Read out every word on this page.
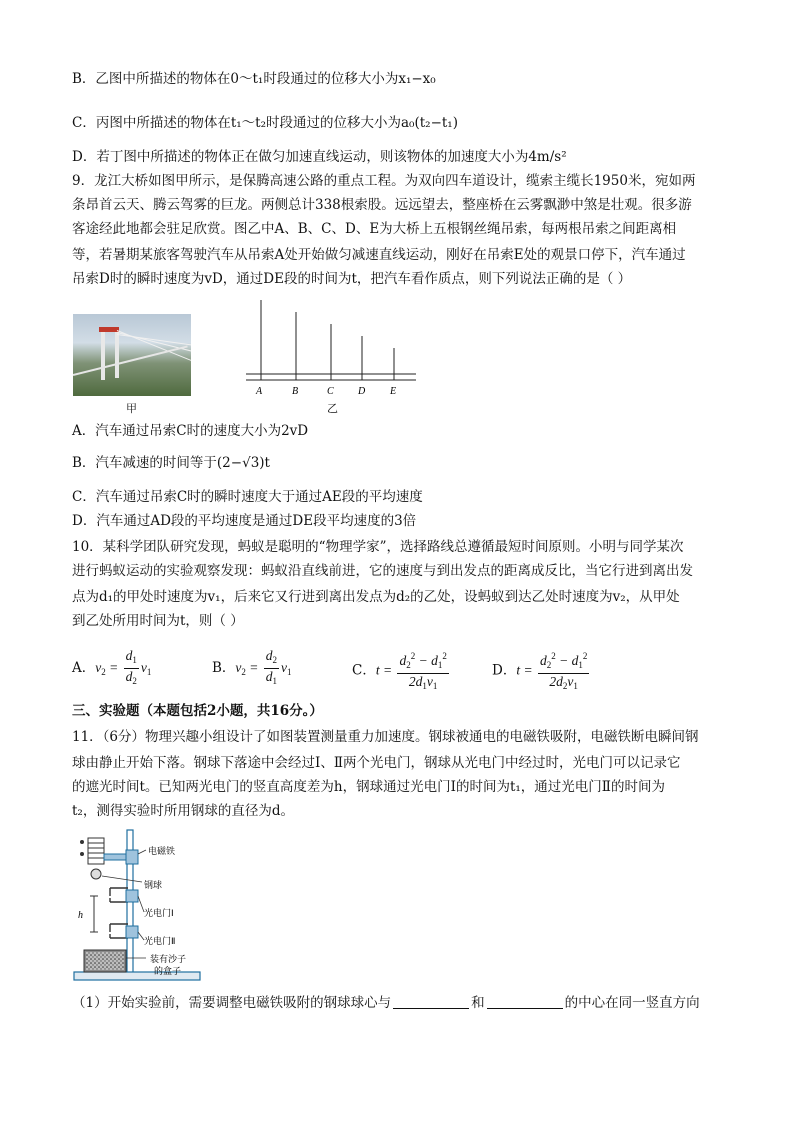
B．乙图中所描述的物体在0～t₁时段通过的位移大小为x₁−x₀
C．丙图中所描述的物体在t₁～t₂时段通过的位移大小为a₀(t₂−t₁)
D．若丁图中所描述的物体正在做匀加速直线运动，则该物体的加速度大小为4m/s²
9．龙江大桥如图甲所示，是保腾高速公路的重点工程。为双向四车道设计，缆索主缆长1950米，宛如两
条昂首云天、腾云驾雾的巨龙。两侧总计338根索股。远远望去，整座桥在云雾飘渺中煞是壮观。很多游
客途经此地都会驻足欣赏。图乙中A、B、C、D、E为大桥上五根钢丝绳吊索，每两根吊索之间距离相
等，若暑期某旅客驾驶汽车从吊索A处开始做匀减速直线运动，刚好在吊索E处的观景口停下，汽车通过
吊索D时的瞬时速度为vD，通过DE段的时间为t，把汽车看作质点，则下列说法正确的是（ ）
甲
A	B	C D E
乙
A．汽车通过吊索C时的速度大小为2vD
B．汽车减速的时间等于(2−√3)t
C．汽车通过吊索C时的瞬时速度大于通过AE段的平均速度
D．汽车通过AD段的平均速度是通过DE段平均速度的3倍
10．某科学团队研究发现，蚂蚁是聪明的“物理学家”，选择路线总遵循最短时间原则。小明与同学某次
进行蚂蚁运动的实验观察发现：蚂蚁沿直线前进，它的速度与到出发点的距离成反比，当它行进到离出发
点为d₁的甲处时速度为v₁，后来它又行进到离出发点为d₂的乙处，设蚂蚁到达乙处时速度为v₂，从甲处
到乙处所用时间为t，则（ ）
A．$v_2 = \frac{d_1}{d_2} v_1$	B．$v_2 = \frac{d_2}{d_1} v_1$	C．$t = \frac{d_2^2 - d_1^2}{2d_1v_1}$	D．$t = \frac{d_2^2 - d_1^2}{2d_2v_1}$
三、实验题（本题包括2小题，共16分。）
11．（6分）物理兴趣小组设计了如图装置测量重力加速度。钢球被通电的电磁铁吸附，电磁铁断电瞬间钢
球由静止开始下落。钢球下落途中会经过Ⅰ、Ⅱ两个光电门，钢球从光电门中经过时，光电门可以记录它
的遮光时间t。已知两光电门的竖直高度差为h，钢球通过光电门Ⅰ的时间为t₁，通过光电门Ⅱ的时间为
t₂，测得实验时所用钢球的直径为d。
h
电磁铁
钢球
光电门Ⅰ
光电门Ⅱ
装有沙子
的盒子
（1）开始实验前，需要调整电磁铁吸附的钢球球心与	和	的中心在同一竖直方向
